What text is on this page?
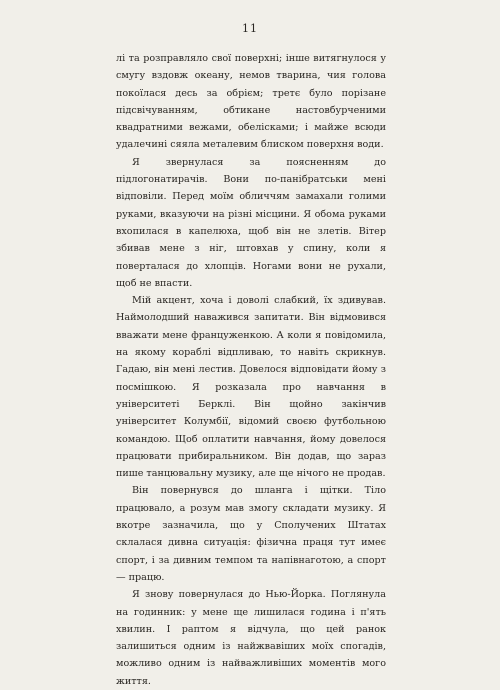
11

лі та розправляло свої поверхні; інше витягнулося у смугу вздовж океану, немов тварина, чия голова покоїлася десь за обрієм; третє було порізане підсвічуванням, обтикане настовбурченими квадратними вежами, обелісками; і майже всюди удалечині сяяла металевим блиском поверхня води.

Я звернулася за поясненням до підлогонатирачів. Вони по-панібратськи мені відповіли. Перед моїм обличчям замахали голими руками, вказуючи на різні місцини. Я обома руками вхопилася в капелюха, щоб він не злетів. Вітер збивав мене з ніг, штовхав у спину, коли я поверталася до хлопців. Ногами вони не рухали, щоб не впасти.

Мій акцент, хоча і доволі слабкий, їх здивував. Наймолодший наважився запитати. Він відмовився вважати мене француженкою. А коли я повідомила, на якому кораблі відпливаю, то навіть скрикнув. Гадаю, він мені лестив. Довелося відповідати йому з посмішкою. Я розказала про навчання в університеті Берклі. Він щойно закінчив університет Колумбії, відомий своєю футбольною командою. Щоб оплатити навчання, йому довелося працювати прибиральником. Він додав, що зараз пише танцювальну музику, але ще нічого не продав.

Він повернувся до шланга і щітки. Тіло працювало, а розум мав змогу складати музику. Я вкотре зазначила, що у Сполучених Штатах склалася дивна ситуація: фізична праця тут имеє спорт, і за дивним темпом та напівнаготою, а спорт — працю.

Я знову повернулася до Нью-Йорка. Поглянула на годинник: у мене ще лишилася година і п'ять хвилин. І раптом я відчула, що цей ранок залишиться одним із найжвавіших моїх спогадів, можливо одним із найважливіших моментів мого життя.
